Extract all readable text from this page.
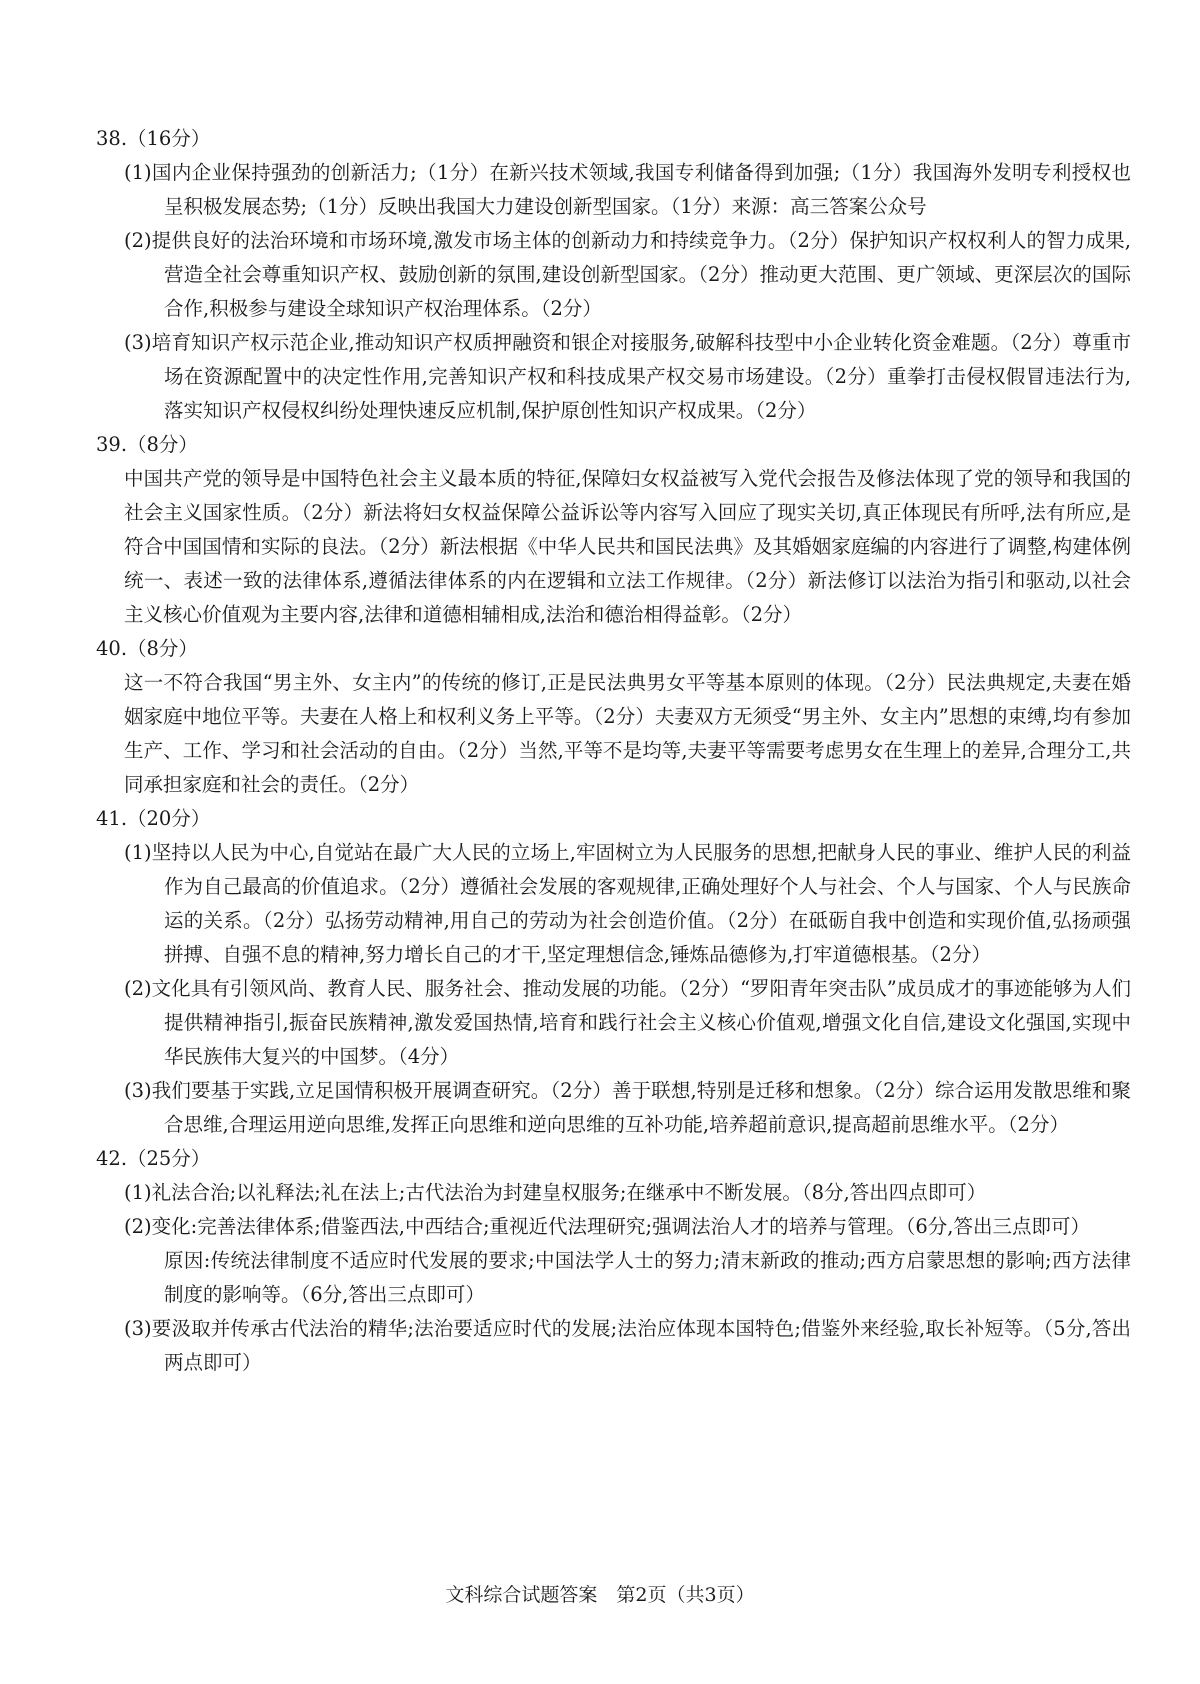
38.（16分）

(1)国内企业保持强劲的创新活力;（1分）在新兴技术领域,我国专利储备得到加强;（1分）我国海外发明专利授权也呈积极发展态势;（1分）反映出我国大力建设创新型国家。（1分）来源：高三答案公众号

(2)提供良好的法治环境和市场环境,激发市场主体的创新动力和持续竞争力。（2分）保护知识产权权利人的智力成果,营造全社会尊重知识产权、鼓励创新的氛围,建设创新型国家。（2分）推动更大范围、更广领域、更深层次的国际合作,积极参与建设全球知识产权治理体系。（2分）

(3)培育知识产权示范企业,推动知识产权质押融资和银企对接服务,破解科技型中小企业转化资金难题。（2分）尊重市场在资源配置中的决定性作用,完善知识产权和科技成果产权交易市场建设。（2分）重拳打击侵权假冒违法行为,落实知识产权侵权纠纷处理快速反应机制,保护原创性知识产权成果。（2分）

39.（8分）

中国共产党的领导是中国特色社会主义最本质的特征,保障妇女权益被写入党代会报告及修法体现了党的领导和我国的社会主义国家性质。（2分）新法将妇女权益保障公益诉讼等内容写入回应了现实关切,真正体现民有所呼,法有所应,是符合中国国情和实际的良法。（2分）新法根据《中华人民共和国民法典》及其婚姻家庭编的内容进行了调整,构建体例统一、表述一致的法律体系,遵循法律体系的内在逻辑和立法工作规律。（2分）新法修订以法治为指引和驱动,以社会主义核心价值观为主要内容,法律和道德相辅相成,法治和德治相得益彰。（2分）

40.（8分）

这一不符合我国“男主外、女主内”的传统的修订,正是民法典男女平等基本原则的体现。（2分）民法典规定,夫妻在婚姻家庭中地位平等。夫妻在人格上和权利义务上平等。（2分）夫妻双方无须受“男主外、女主内”思想的束缚,均有参加生产、工作、学习和社会活动的自由。（2分）当然,平等不是均等,夫妻平等需要考虑男女在生理上的差异,合理分工,共同承担家庭和社会的责任。（2分）

41.（20分）

(1)坚持以人民为中心,自觉站在最广大人民的立场上,牢固树立为人民服务的思想,把献身人民的事业、维护人民的利益作为自己最高的价值追求。（2分）遵循社会发展的客观规律,正确处理好个人与社会、个人与国家、个人与民族命运的关系。（2分）弘扬劳动精神,用自己的劳动为社会创造价值。（2分）在砥砺自我中创造和实现价值,弘扬顽强拼搏、自强不息的精神,努力增长自己的才干,坚定理想信念,锤炼品德修为,打牢道德根基。（2分）

(2)文化具有引领风尚、教育人民、服务社会、推动发展的功能。（2分）“罗阳青年突击队”成员成才的事迹能够为人们提供精神指引,振奋民族精神,激发爱国热情,培育和践行社会主义核心价值观,增强文化自信,建设文化强国,实现中华民族伟大复兴的中国梦。（4分）

(3)我们要基于实践,立足国情积极开展调查研究。（2分）善于联想,特别是迁移和想象。（2分）综合运用发散思维和聚合思维,合理运用逆向思维,发挥正向思维和逆向思维的互补功能,培养超前意识,提高超前思维水平。（2分）

42.（25分）

(1)礼法合治;以礼释法;礼在法上;古代法治为封建皇权服务;在继承中不断发展。（8分,答出四点即可）

(2)变化:完善法律体系;借鉴西法,中西结合;重视近代法理研究;强调法治人才的培养与管理。（6分,答出三点即可）

原因:传统法律制度不适应时代发展的要求;中国法学人士的努力;清末新政的推动;西方启蒙思想的影响;西方法律制度的影响等。（6分,答出三点即可）

(3)要汲取并传承古代法治的精华;法治要适应时代的发展;法治应体现本国特色;借鉴外来经验,取长补短等。（5分,答出两点即可）

文科综合试题答案　第2页（共3页）
